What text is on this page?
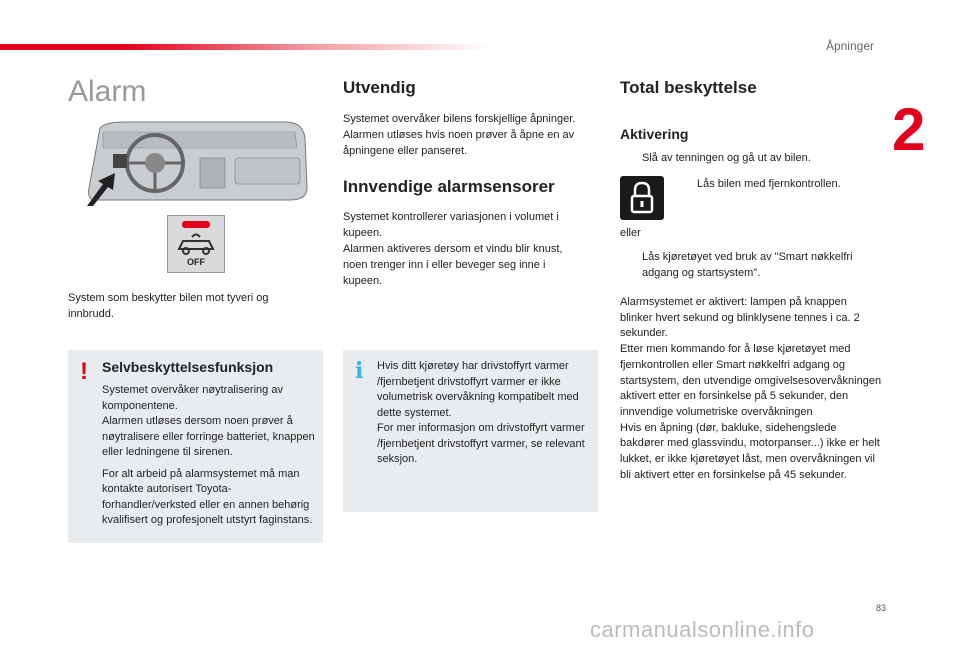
Åpninger
2
83
carmanualsonline.info
Alarm
OFF
System som beskytter bilen mot tyveri og innbrudd.
! Selvbeskyttelsesfunksjon

Systemet overvåker nøytralisering av komponentene.
Alarmen utløses dersom noen prøver å nøytralisere eller forringe batteriet, knappen eller ledningene til sirenen.

For alt arbeid på alarmsystemet må man kontakte autorisert Toyota-forhandler/verksted eller en annen behørig kvalifisert og profesjonelt utstyrt faginstans.

Utvendig
Systemet overvåker bilens forskjellige åpninger. Alarmen utløses hvis noen prøver å åpne en av åpningene eller panseret.
Innvendige alarmsensorer
Systemet kontrollerer variasjonen i volumet i kupeen.
Alarmen aktiveres dersom et vindu blir knust, noen trenger inn i eller beveger seg inne i kupeen.
i Hvis ditt kjøretøy har drivstoffyrt varmer /fjernbetjent drivstoffyrt varmer er ikke volumetrisk overvåkning kompatibelt med dette systemet.
For mer informasjon om drivstoffyrt varmer /fjernbetjent drivstoffyrt varmer, se relevant seksjon.
Total beskyttelse
Aktivering
Slå av tenningen og gå ut av bilen.
Lås bilen med fjernkontrollen.
eller
Lås kjøretøyet ved bruk av "Smart nøkkelfri adgang og startsystem".
Alarmsystemet er aktivert: lampen på knappen blinker hvert sekund og blinklysene tennes i ca. 2 sekunder.
Etter men kommando for å løse kjøretøyet med fjernkontrollen eller Smart nøkkelfri adgang og startsystem, den utvendige omgivelsesovervåkningen aktivert etter en forsinkelse på 5 sekunder, den innvendige volumetriske overvåkningen
Hvis en åpning (dør, bakluke, sidehengslede bakdører med glassvindu, motorpanser...) ikke er helt lukket, er ikke kjøretøyet låst, men overvåkningen vil bli aktivert etter en forsinkelse på 45 sekunder.
